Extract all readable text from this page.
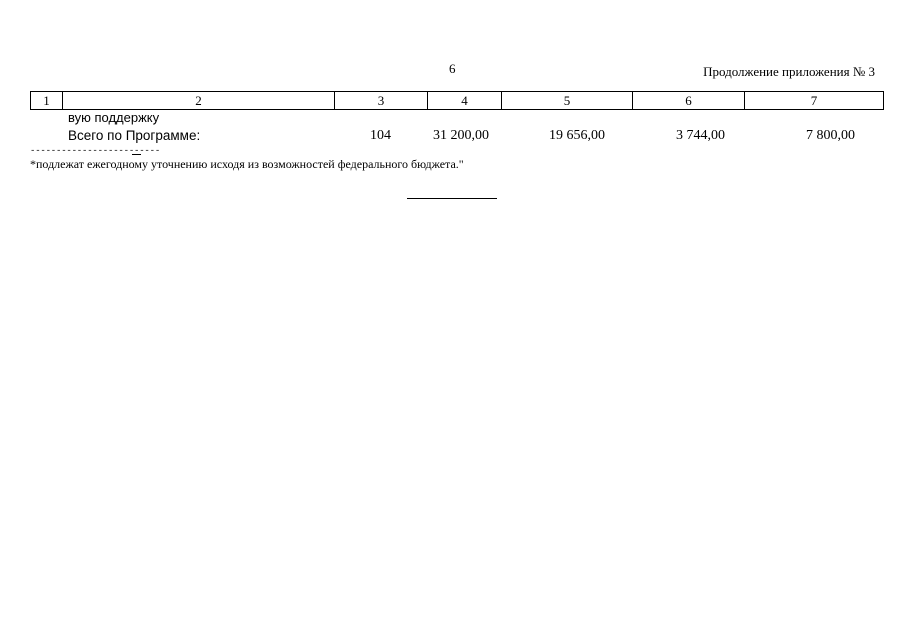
6	Продолжение приложения № 3
1	2	3	4	5	6	7
вую поддержку
Всего по Программе:	104	31 200,00	19 656,00	3 744,00	7 800,00
-------------------------
*подлежат ежегодному уточнению исходя из возможностей федерального бюджета."
